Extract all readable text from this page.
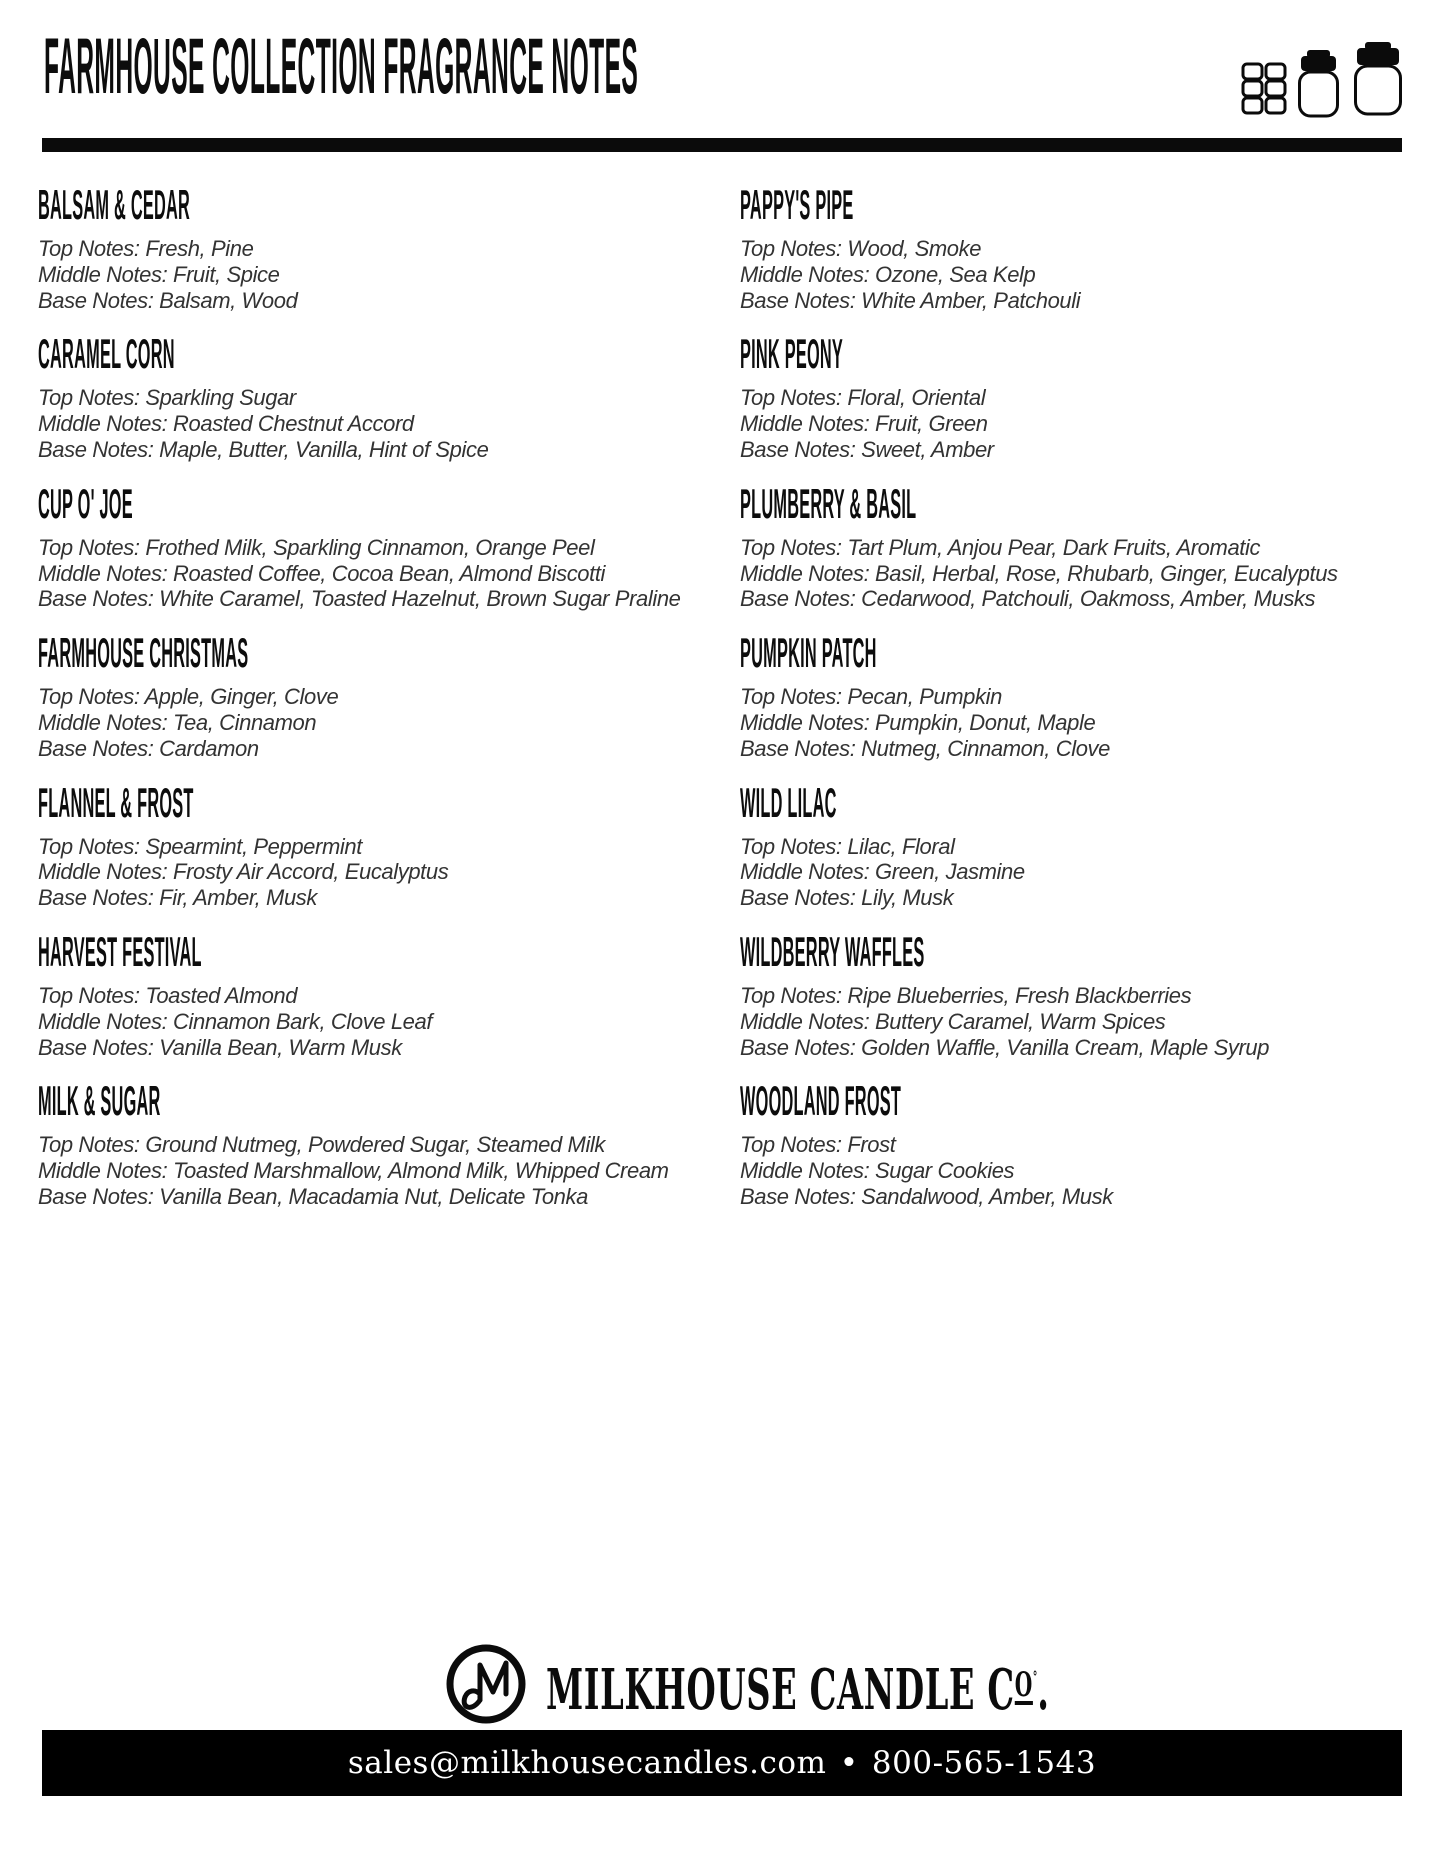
FARMHOUSE COLLECTION FRAGRANCE NOTES
BALSAM & CEDAR

Top Notes: Fresh, Pine

Middle Notes: Fruit, Spice

Base Notes: Balsam, Wood

CARAMEL CORN

Top Notes: Sparkling Sugar

Middle Notes: Roasted Chestnut Accord

Base Notes: Maple, Butter, Vanilla, Hint of Spice

CUP O' JOE

Top Notes: Frothed Milk, Sparkling Cinnamon, Orange Peel

Middle Notes: Roasted Coffee, Cocoa Bean, Almond Biscotti

Base Notes: White Caramel, Toasted Hazelnut, Brown Sugar Praline

FARMHOUSE CHRISTMAS

Top Notes: Apple, Ginger, Clove

Middle Notes: Tea, Cinnamon

Base Notes: Cardamon

FLANNEL & FROST

Top Notes: Spearmint, Peppermint

Middle Notes: Frosty Air Accord, Eucalyptus

Base Notes: Fir, Amber, Musk

HARVEST FESTIVAL

Top Notes: Toasted Almond

Middle Notes: Cinnamon Bark, Clove Leaf

Base Notes: Vanilla Bean, Warm Musk

MILK & SUGAR

Top Notes: Ground Nutmeg, Powdered Sugar, Steamed Milk

Middle Notes: Toasted Marshmallow, Almond Milk, Whipped Cream

Base Notes: Vanilla Bean, Macadamia Nut, Delicate Tonka

PAPPY'S PIPE

Top Notes: Wood, Smoke

Middle Notes: Ozone, Sea Kelp

Base Notes: White Amber, Patchouli

PINK PEONY

Top Notes: Floral, Oriental

Middle Notes: Fruit, Green

Base Notes: Sweet, Amber

PLUMBERRY & BASIL

Top Notes: Tart Plum, Anjou Pear, Dark Fruits, Aromatic

Middle Notes: Basil, Herbal, Rose, Rhubarb, Ginger, Eucalyptus

Base Notes: Cedarwood, Patchouli, Oakmoss, Amber, Musks

PUMPKIN PATCH

Top Notes: Pecan, Pumpkin

Middle Notes: Pumpkin, Donut, Maple

Base Notes: Nutmeg, Cinnamon, Clove

WILD LILAC

Top Notes: Lilac, Floral

Middle Notes: Green, Jasmine

Base Notes: Lily, Musk

WILDBERRY WAFFLES

Top Notes: Ripe Blueberries, Fresh Blackberries

Middle Notes: Buttery Caramel, Warm Spices

Base Notes: Golden Waffle, Vanilla Cream, Maple Syrup

WOODLAND FROST

Top Notes: Frost

Middle Notes: Sugar Cookies

Base Notes: Sandalwood, Amber, Musk

MILKHOUSE CANDLE $C^{O^\circ}$.
sales@milkhousecandles.com • 800-565-1543
